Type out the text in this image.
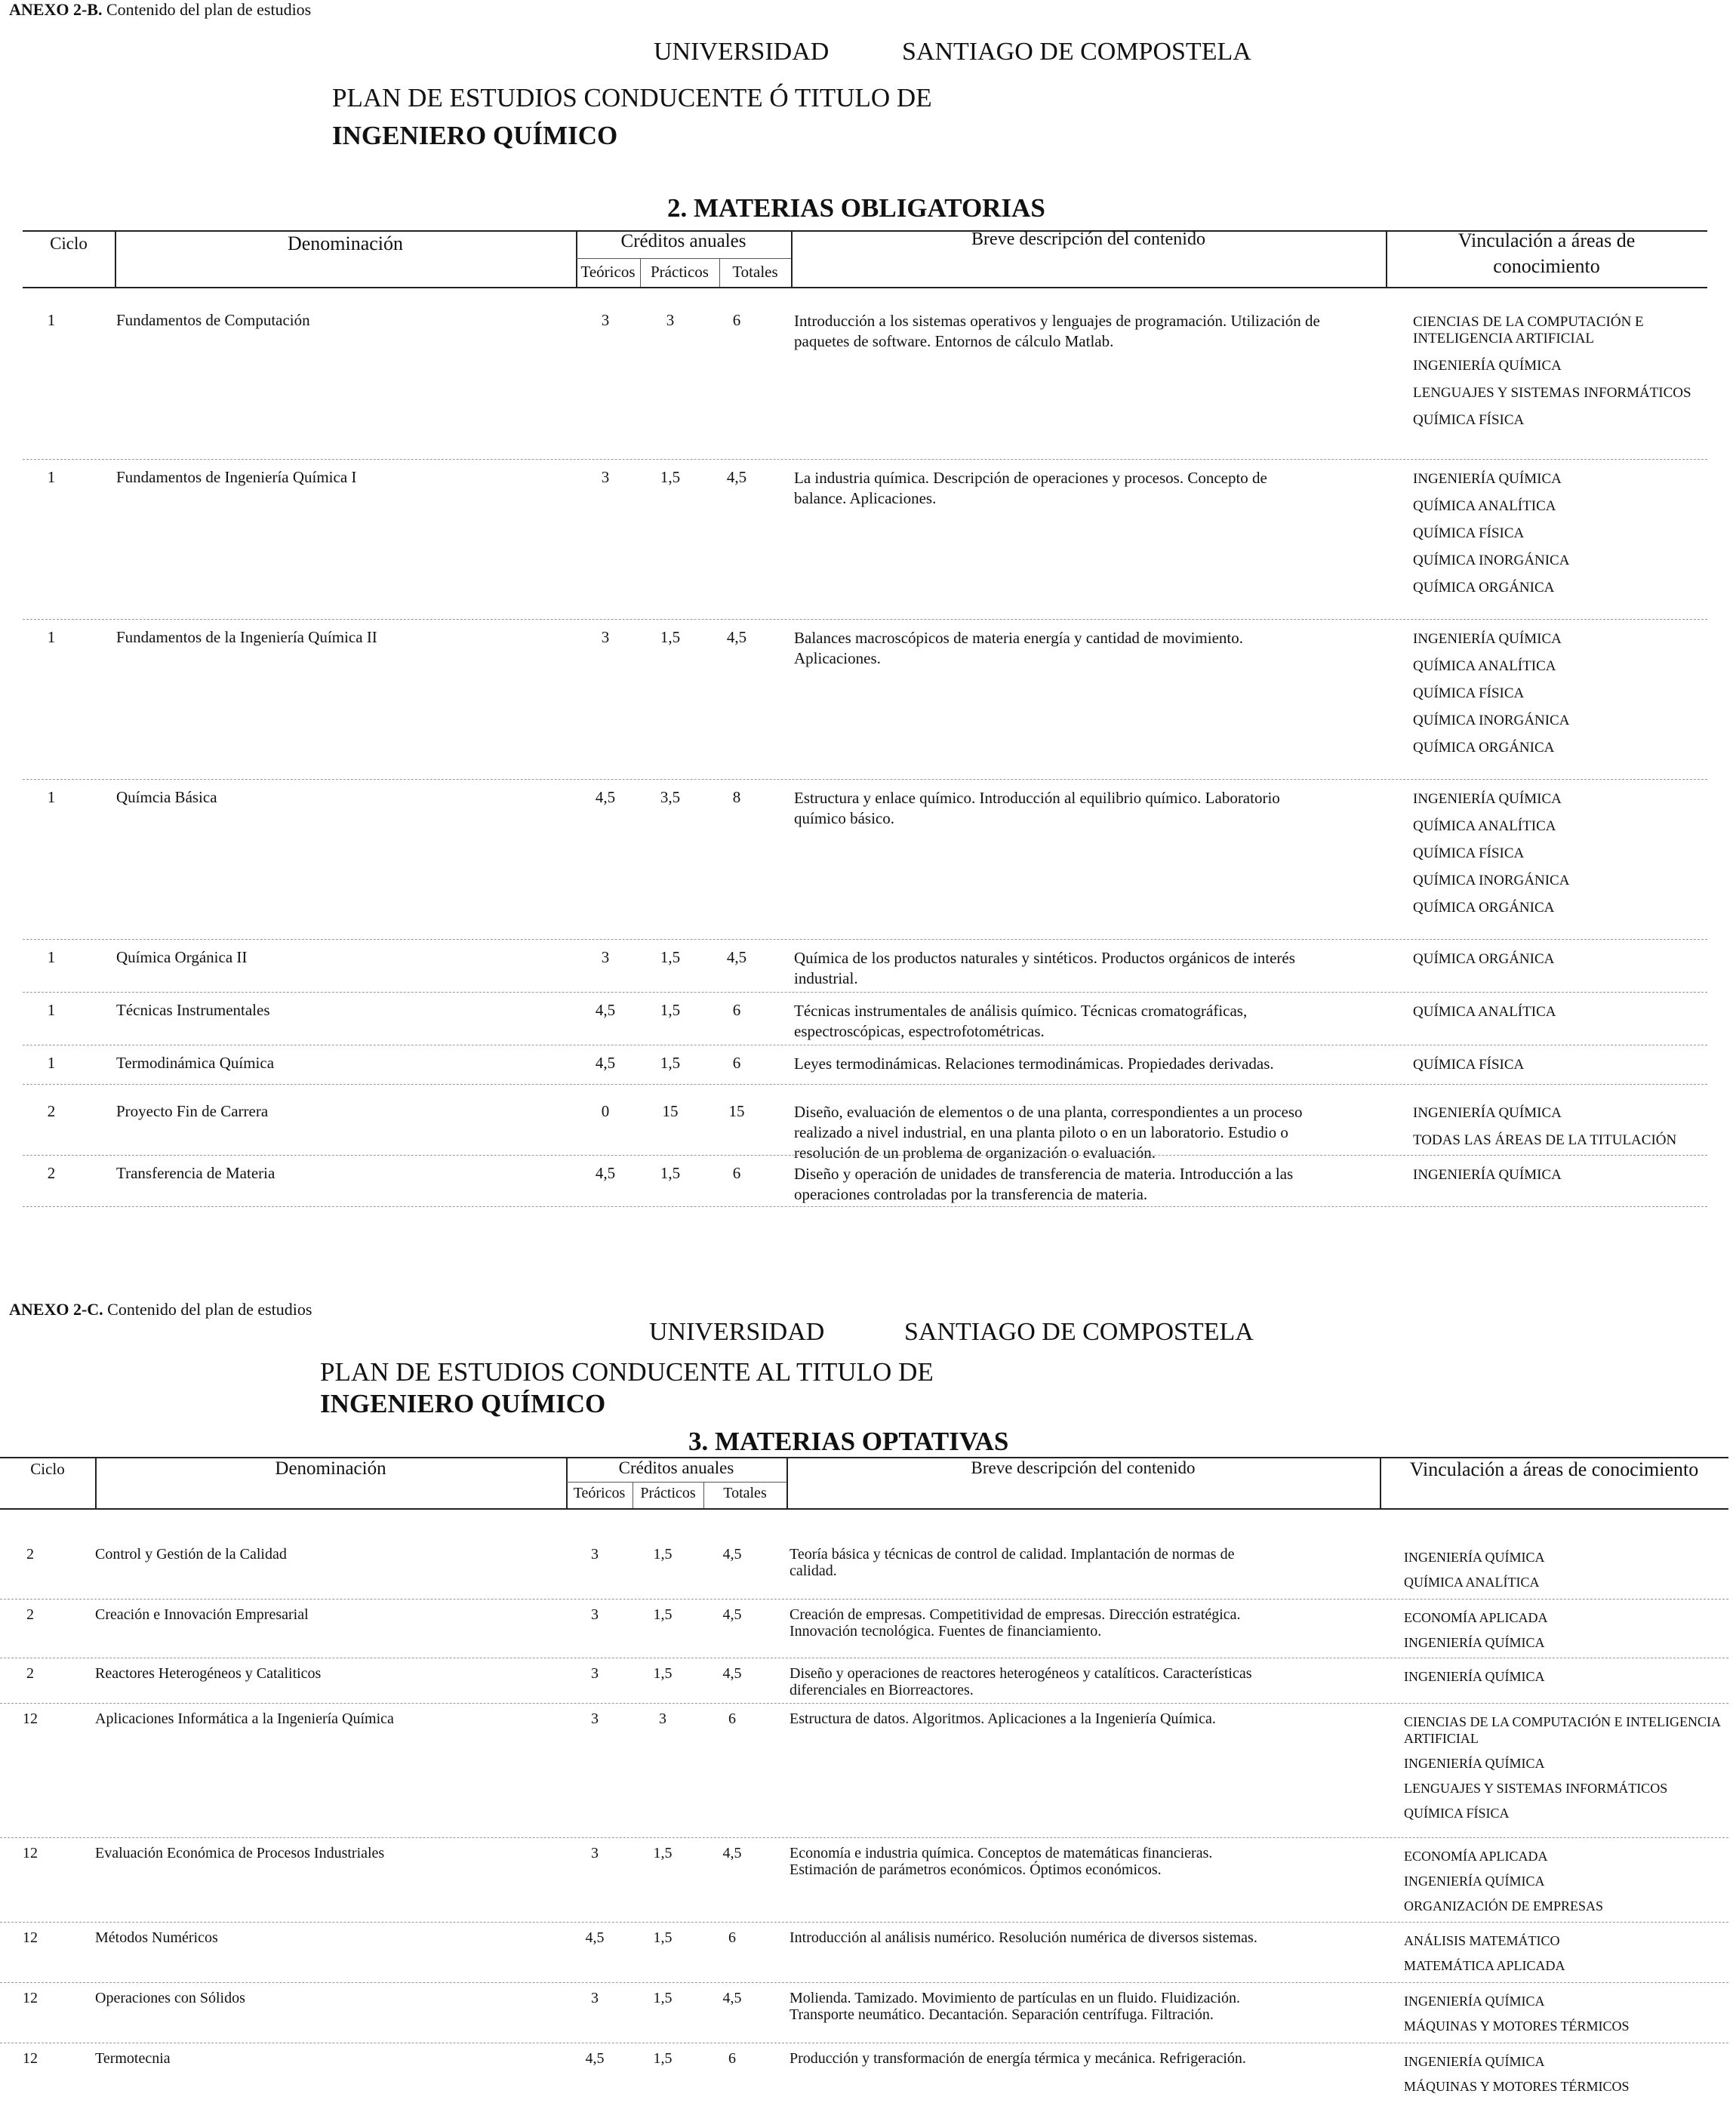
ANEXO 2-B. Contenido del plan de estudios
UNIVERSIDAD	SANTIAGO DE COMPOSTELA
PLAN DE ESTUDIOS CONDUCENTE Ó TITULO DE
INGENIERO QUÍMICO
2. MATERIAS OBLIGATORIAS
Ciclo	Denominación	Créditos anuales
Teóricos Prácticos	Totales
Breve descripción del contenido	Vinculación a áreas de
conocimiento
1	Fundamentos de Computación	3	3	6	Introducción a los sistemas operativos y lenguajes de programación. Utilización de
paquetes de software. Entornos de cálculo Matlab.
CIENCIAS DE LA COMPUTACIÓN E INTELIGENCIA ARTIFICIAL
INGENIERÍA QUÍMICA
LENGUAJES Y SISTEMAS INFORMÁTICOS
QUÍMICA FÍSICA
1	Fundamentos de Ingeniería Química I	3	1,5	4,5	La industria química. Descripción de operaciones y procesos. Concepto de
balance. Aplicaciones.
INGENIERÍA QUÍMICA
QUÍMICA ANALÍTICA
QUÍMICA FÍSICA
QUÍMICA INORGÁNICA
QUÍMICA ORGÁNICA
1	Fundamentos de la Ingeniería Química II	3	1,5	4,5	Balances macroscópicos de materia energía y cantidad de movimiento.
Aplicaciones.
INGENIERÍA QUÍMICA
QUÍMICA ANALÍTICA
QUÍMICA FÍSICA
QUÍMICA INORGÁNICA
QUÍMICA ORGÁNICA
1	Químcia Básica	4,5	3,5	8	Estructura y enlace químico. Introducción al equilibrio químico. Laboratorio
químico básico.
INGENIERÍA QUÍMICA
QUÍMICA ANALÍTICA
QUÍMICA FÍSICA
QUÍMICA INORGÁNICA
QUÍMICA ORGÁNICA
1	Química Orgánica II	3	1,5	4,5	Química de los productos naturales y sintéticos. Productos orgánicos de interés
industrial.
QUÍMICA ORGÁNICA
1	Técnicas Instrumentales	4,5	1,5	6	Técnicas instrumentales de análisis químico. Técnicas cromatográficas,
espectroscópicas, espectrofotométricas.
QUÍMICA ANALÍTICA
1	Termodinámica Química	4,5	1,5	6	Leyes termodinámicas. Relaciones termodinámicas. Propiedades derivadas.	QUÍMICA FÍSICA
2	Proyecto Fin de Carrera	0	15	15	Diseño, evaluación de elementos o de una planta, correspondientes a un proceso
realizado a nivel industrial, en una planta piloto o en un laboratorio. Estudio o
resolución de un problema de organización o evaluación.
INGENIERÍA QUÍMICA
TODAS LAS ÁREAS DE LA TITULACIÓN
2	Transferencia de Materia	4,5	1,5	6	Diseño y operación de unidades de transferencia de materia. Introducción a las
operaciones controladas por la transferencia de materia.
INGENIERÍA QUÍMICA
ANEXO 2-C. Contenido del plan de estudios
UNIVERSIDAD	SANTIAGO DE COMPOSTELA
PLAN DE ESTUDIOS CONDUCENTE AL TITULO DE
INGENIERO QUÍMICO
3. MATERIAS OPTATIVAS
Ciclo	Denominación	Créditos anuales
Teóricos	Prácticos	Totales
Breve descripción del contenido	Vinculación a áreas de conocimiento
2	Control y Gestión de la Calidad	3	1,5	4,5	Teoría básica y técnicas de control de calidad. Implantación de normas de
calidad.
INGENIERÍA QUÍMICA
QUÍMICA ANALÍTICA
2	Creación e Innovación Empresarial	3	1,5	4,5	Creación de empresas. Competitividad de empresas. Dirección estratégica.
Innovación tecnológica. Fuentes de financiamiento.
ECONOMÍA APLICADA
INGENIERÍA QUÍMICA
2	Reactores Heterogéneos y Cataliticos	3	1,5	4,5	Diseño y operaciones de reactores heterogéneos y catalíticos. Características
diferenciales en Biorreactores.
INGENIERÍA QUÍMICA
12	Aplicaciones Informática a la Ingeniería Química	3	3	6	Estructura de datos. Algoritmos. Aplicaciones a la Ingeniería Química.	CIENCIAS DE LA COMPUTACIÓN E INTELIGENCIA ARTIFICIAL
INGENIERÍA QUÍMICA
LENGUAJES Y SISTEMAS INFORMÁTICOS
QUÍMICA FÍSICA
12	Evaluación Económica de Procesos Industriales	3	1,5	4,5	Economía e industria química. Conceptos de matemáticas financieras.
Estimación de parámetros económicos. Óptimos económicos.
ECONOMÍA APLICADA
INGENIERÍA QUÍMICA
ORGANIZACIÓN DE EMPRESAS
12	Métodos Numéricos	4,5	1,5	6	Introducción al análisis numérico. Resolución numérica de diversos sistemas.	ANÁLISIS MATEMÁTICO
MATEMÁTICA APLICADA
12	Operaciones con Sólidos	3	1,5	4,5	Molienda. Tamizado. Movimiento de partículas en un fluido. Fluidización.
Transporte neumático. Decantación. Separación centrífuga. Filtración.
INGENIERÍA QUÍMICA
MÁQUINAS Y MOTORES TÉRMICOS
12	Termotecnia	4,5	1,5	6	Producción y transformación de energía térmica y mecánica. Refrigeración.	INGENIERÍA QUÍMICA
MÁQUINAS Y MOTORES TÉRMICOS
